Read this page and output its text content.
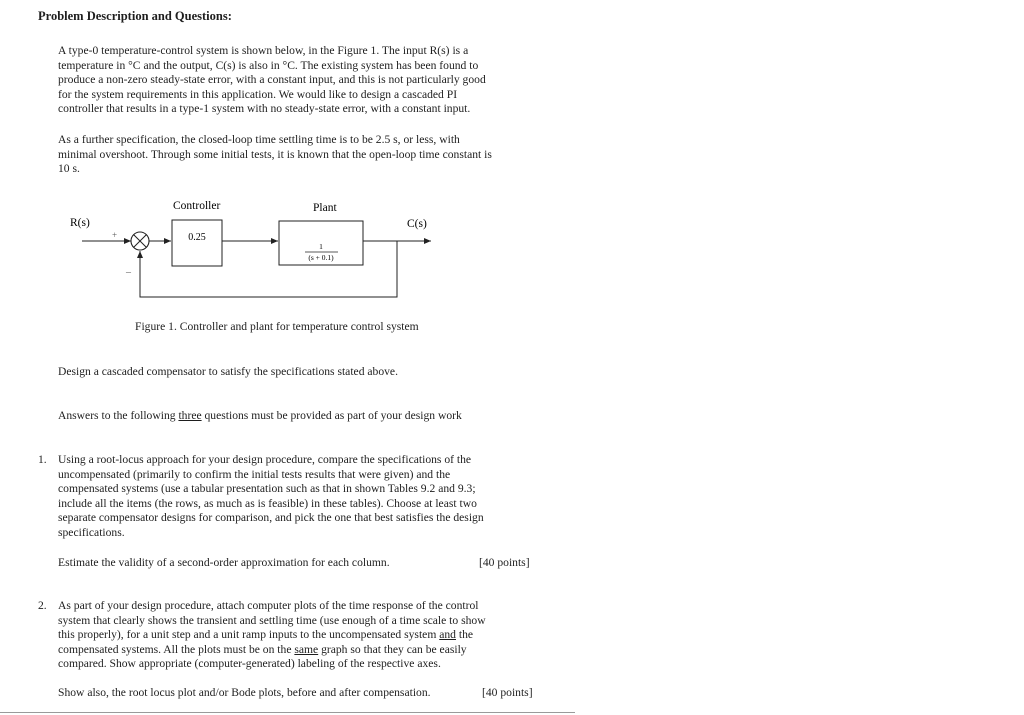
Problem Description and Questions:
A type-0 temperature-control system is shown below, in the Figure 1. The input R(s) is a
temperature in °C and the output, C(s) is also in °C. The existing system has been found to
produce a non-zero steady-state error, with a constant input, and this is not particularly good
for the system requirements in this application. We would like to design a cascaded PI
controller that results in a type-1 system with no steady-state error, with a constant input.
As a further specification, the closed-loop time settling time is to be 2.5 s, or less, with
minimal overshoot. Through some initial tests, it is known that the open-loop time constant is
10 s.
R(s)	C(s)
Controller	Plant
+
–
0.25
1
(s + 0.1)
Figure 1. Controller and plant for temperature control system
Design a cascaded compensator to satisfy the specifications stated above.
Answers to the following three questions must be provided as part of your design work
1. Using a root-locus approach for your design procedure, compare the specifications of the
uncompensated (primarily to confirm the initial tests results that were given) and the
compensated systems (use a tabular presentation such as that in shown Tables 9.2 and 9.3;
include all the items (the rows, as much as is feasible) in these tables). Choose at least two
separate compensator designs for comparison, and pick the one that best satisfies the design
specifications.
Estimate the validity of a second-order approximation for each column.	[40 points]
2. As part of your design procedure, attach computer plots of the time response of the control
system that clearly shows the transient and settling time (use enough of a time scale to show
this properly), for a unit step and a unit ramp inputs to the uncompensated system and the
compensated systems. All the plots must be on the same graph so that they can be easily
compared. Show appropriate (computer-generated) labeling of the respective axes.
Show also, the root locus plot and/or Bode plots, before and after compensation.	[40 points]
